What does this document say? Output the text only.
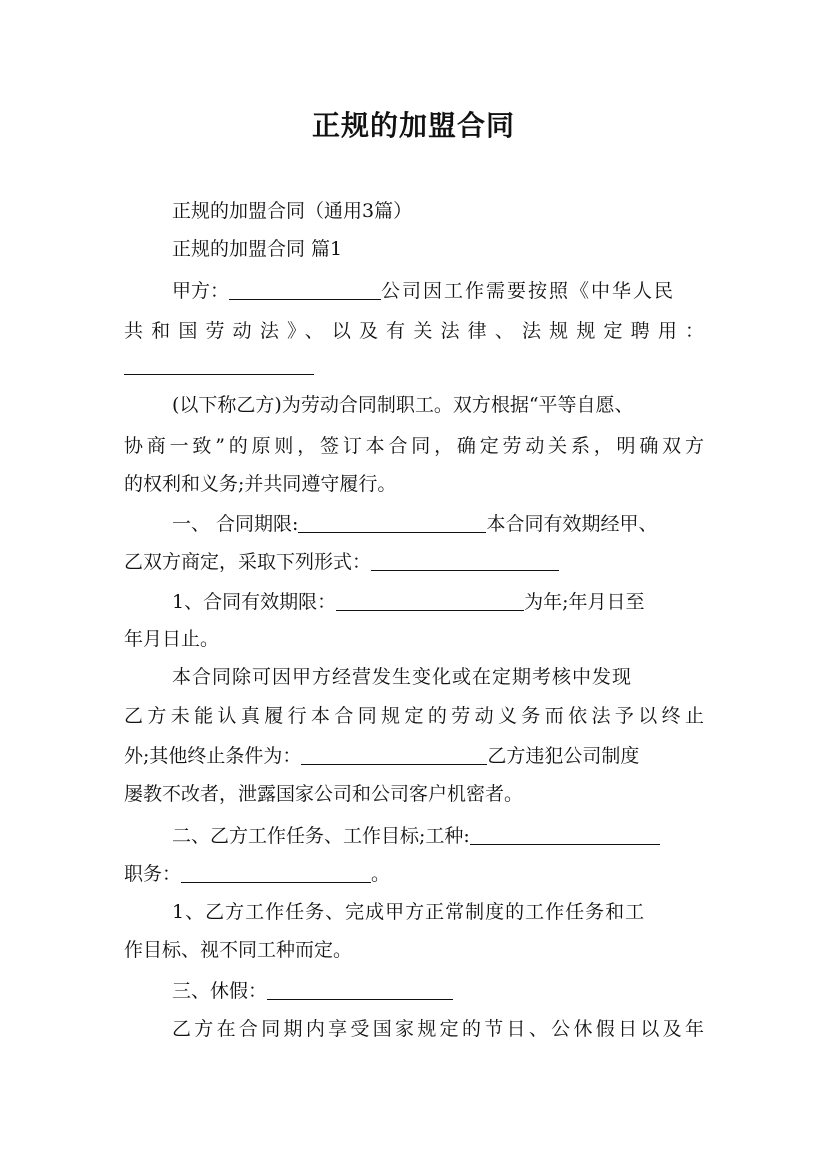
正规的加盟合同
正规的加盟合同（通用3篇）
正规的加盟合同 篇1
甲方：	公司因工作需要按照《中华人民
共和国劳动法》、以及有关法律、法规规定聘用：
(以下称乙方)为劳动合同制职工。双方根据“平等自愿、
协商一致”的原则，签订本合同，确定劳动关系，明确双方
的权利和义务;并共同遵守履行。
一、 合同期限:	本合同有效期经甲、
乙双方商定，采取下列形式：
1、合同有效期限：	为年;年月日至
年月日止。
本合同除可因甲方经营发生变化或在定期考核中发现
乙方未能认真履行本合同规定的劳动义务而依法予以终止
外;其他终止条件为：	乙方违犯公司制度
屡教不改者，泄露国家公司和公司客户机密者。
二、乙方工作任务、工作目标;工种:
职务：	。
1、乙方工作任务、完成甲方正常制度的工作任务和工
作目标、视不同工种而定。
三、休假：
乙方在合同期内享受国家规定的节日、公休假日以及年
